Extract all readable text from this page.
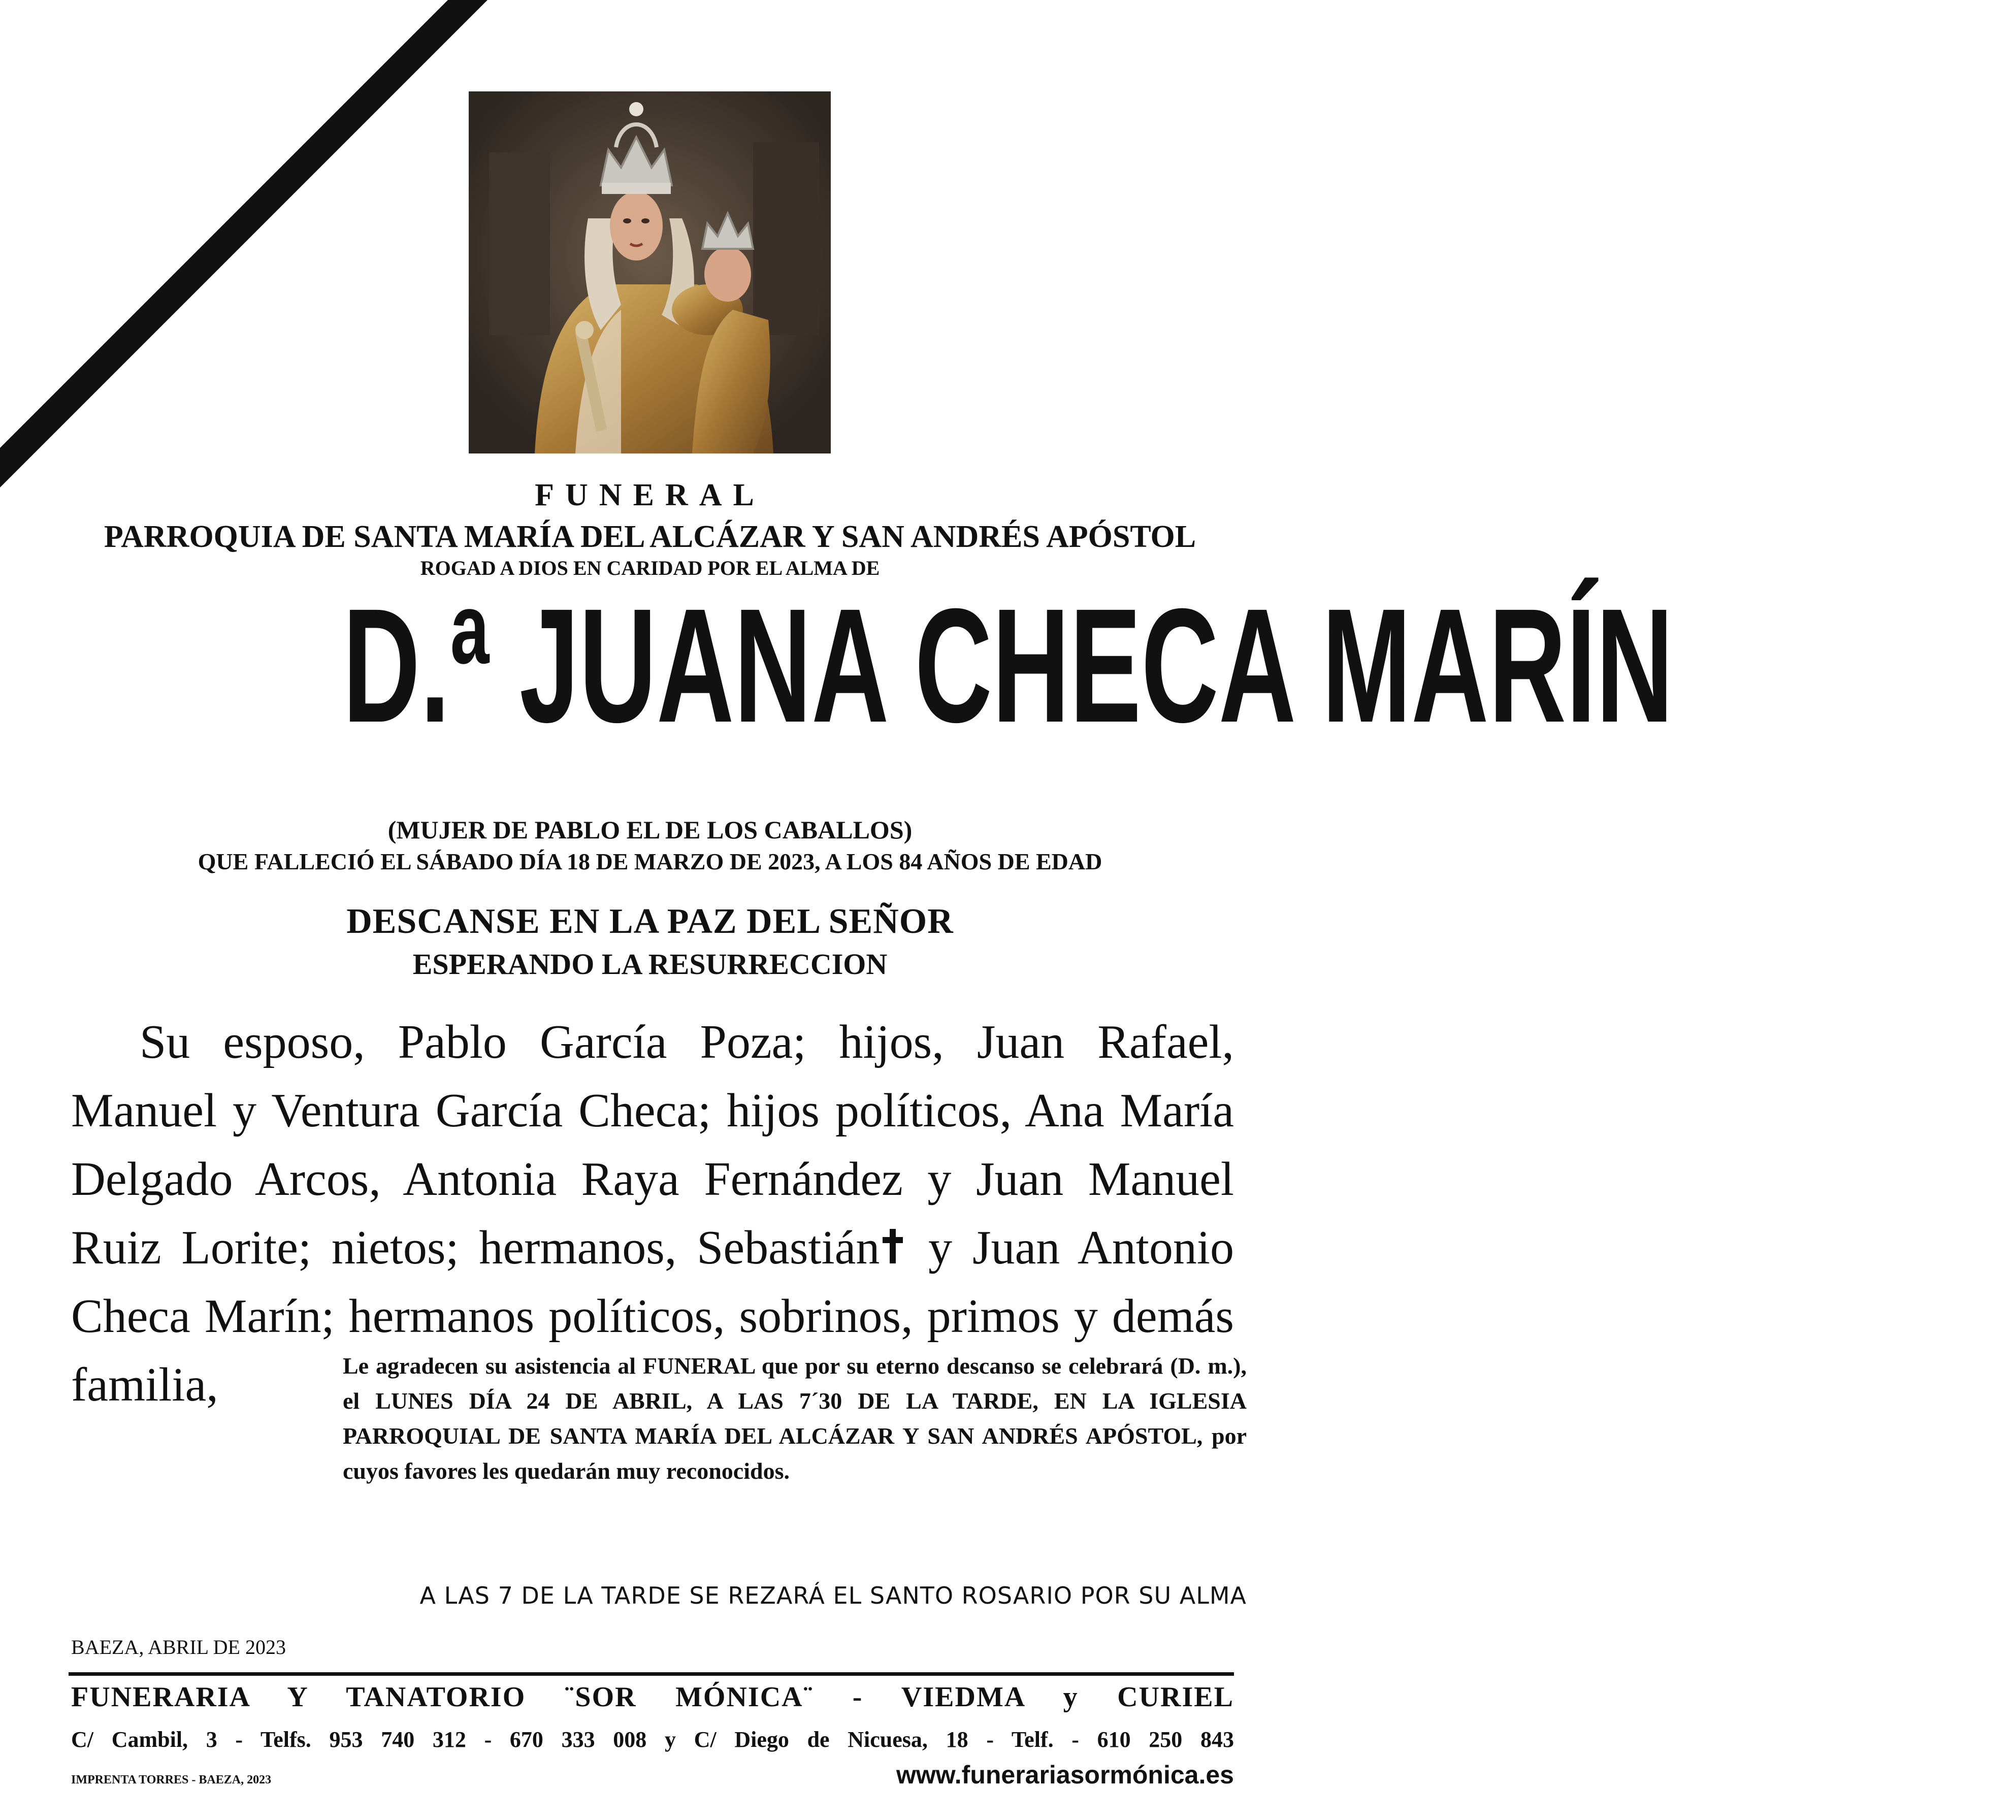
FUNERAL
PARROQUIA DE SANTA MARÍA DEL ALCÁZAR Y SAN ANDRÉS APÓSTOL
ROGAD A DIOS EN CARIDAD POR EL ALMA DE
D.ª JUANA CHECA MARÍN
(MUJER DE PABLO EL DE LOS CABALLOS)
QUE FALLECIÓ EL SÁBADO DÍA 18 DE MARZO DE 2023, A LOS 84 AÑOS DE EDAD
DESCANSE EN LA PAZ DEL SEÑOR
ESPERANDO LA RESURRECCION
Su esposo, Pablo García Poza; hijos, Juan Rafael, Manuel y Ventura García Checa; hijos políticos, Ana María Delgado Arcos, Antonia Raya Fernández y Juan Manuel Ruiz Lorite; nietos; hermanos, Sebastián y Juan Antonio Checa Marín; hermanos políticos, sobrinos, primos y demás familia,	Le agradecen su asistencia al FUNERAL que por su eterno descanso se celebrará (D. m.), el LUNES DÍA 24 DE ABRIL, A LAS 7´30 DE LA TARDE, EN LA IGLESIA PARROQUIAL DE SANTA MARÍA DEL ALCÁZAR Y SAN ANDRÉS APÓSTOL, por cuyos favores les quedarán muy reconocidos.
A LAS 7 DE LA TARDE SE REZARÁ EL SANTO ROSARIO POR SU ALMA
BAEZA, ABRIL DE 2023
FUNERARIA Y TANATORIO ¨SOR MÓNICA¨ - VIEDMA y CURIEL
C/ Cambil, 3 - Telfs. 953 740 312 - 670 333 008 y C/ Diego de Nicuesa, 18 - Telf. - 610 250 843
IMPRENTA TORRES - BAEZA, 2023	www.funerariasormónica.es
